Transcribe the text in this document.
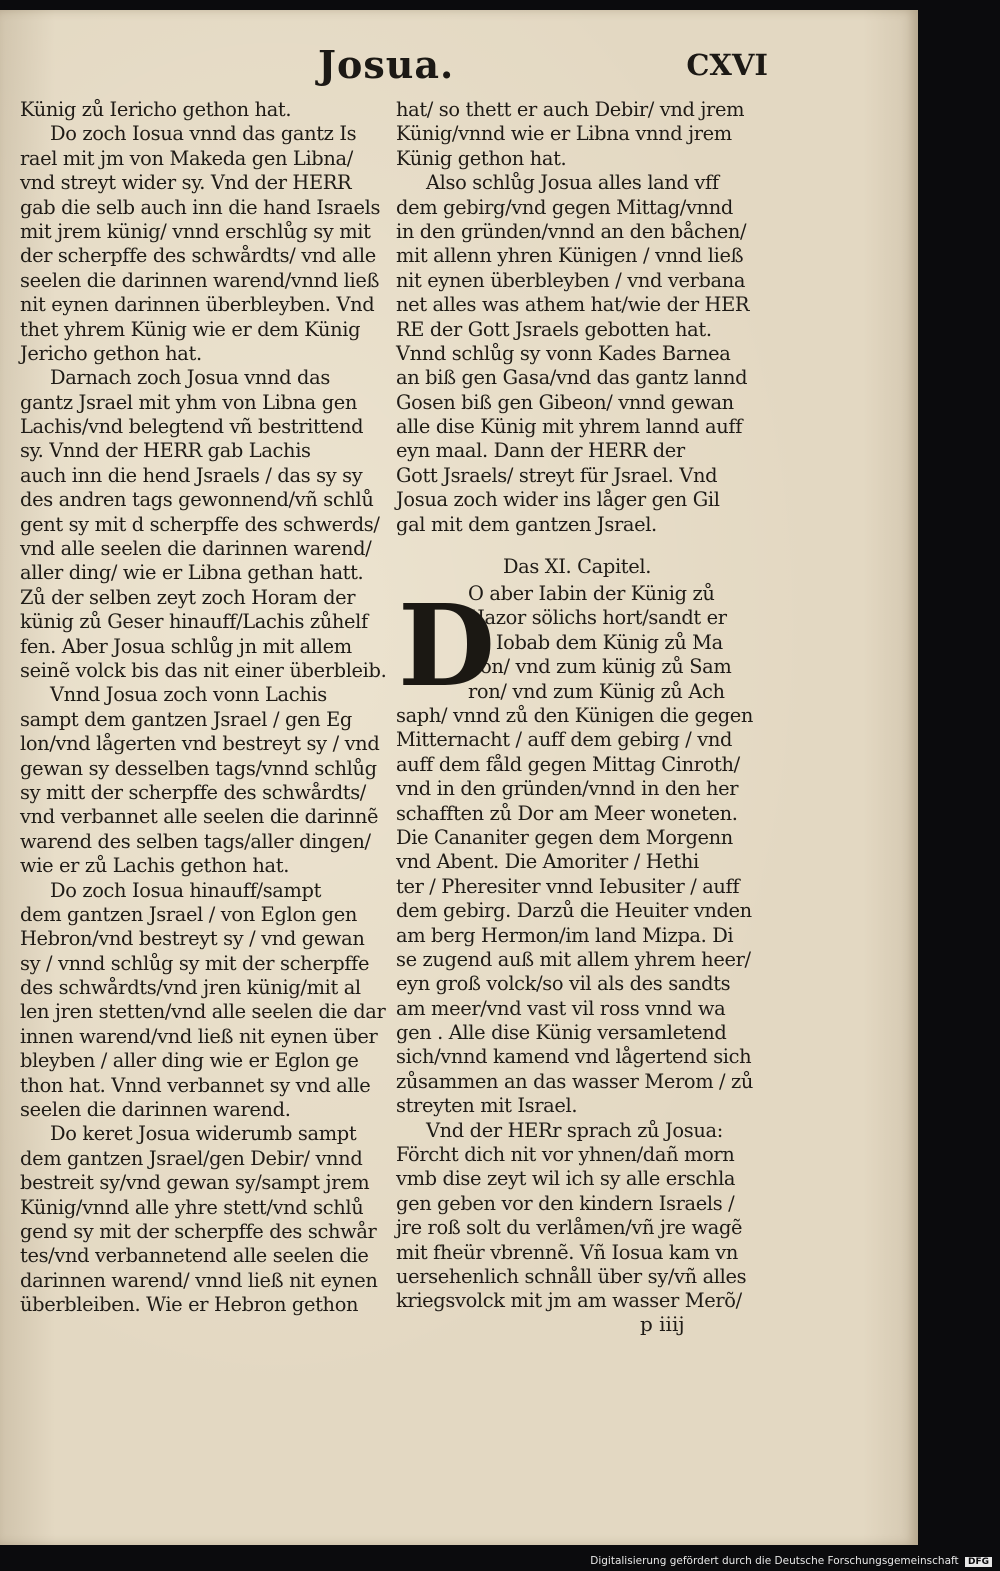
Josua.	CXVI
Künig zů Iericho gethon hat.
Do zoch Iosua vnnd das gantz Is
rael mit jm von Makeda gen Libna/
vnd streyt wider sy. Vnd der HERR
gab die selb auch inn die hand Israels
mit jrem künig/ vnnd erschlůg sy mit
der scherpffe des schwårdts/ vnd alle
seelen die darinnen warend/vnnd ließ
nit eynen darinnen überbleyben. Vnd
thet yhrem Künig wie er dem Künig
Jericho gethon hat.
Darnach zoch Josua vnnd das
gantz Jsrael mit yhm von Libna gen
Lachis/vnd belegtend vñ bestrittend
sy. Vnnd der HERR gab Lachis
auch inn die hend Jsraels / das sy sy
des andren tags gewonnend/vñ schlů
gent sy mit d scherpffe des schwerds/
vnd alle seelen die darinnen warend/
aller ding/ wie er Libna gethan hatt.
Zů der selben zeyt zoch Horam der
künig zů Geser hinauff/Lachis zůhelf
fen. Aber Josua schlůg jn mit allem
seinẽ volck bis das nit einer überbleib.
Vnnd Josua zoch vonn Lachis
sampt dem gantzen Jsrael / gen Eg
lon/vnd lågerten vnd bestreyt sy / vnd
gewan sy desselben tags/vnnd schlůg
sy mitt der scherpffe des schwårdts/
vnd verbannet alle seelen die darinnẽ
warend des selben tags/aller dingen/
wie er zů Lachis gethon hat.
Do zoch Iosua hinauff/sampt
dem gantzen Jsrael / von Eglon gen
Hebron/vnd bestreyt sy / vnd gewan
sy / vnnd schlůg sy mit der scherpffe
des schwårdts/vnd jren künig/mit al
len jren stetten/vnd alle seelen die dar
innen warend/vnd ließ nit eynen über
bleyben / aller ding wie er Eglon ge
thon hat. Vnnd verbannet sy vnd alle
seelen die darinnen warend.
Do keret Josua widerumb sampt
dem gantzen Jsrael/gen Debir/ vnnd
bestreit sy/vnd gewan sy/sampt jrem
Künig/vnnd alle yhre stett/vnd schlů
gend sy mit der scherpffe des schwår
tes/vnd verbannetend alle seelen die
darinnen warend/ vnnd ließ nit eynen
überbleiben. Wie er Hebron gethon
hat/ so thett er auch Debir/ vnd jrem
Künig/vnnd wie er Libna vnnd jrem
Künig gethon hat.
Also schlůg Josua alles land vff
dem gebirg/vnd gegen Mittag/vnnd
in den gründen/vnnd an den båchen/
mit allenn yhren Künigen / vnnd ließ
nit eynen überbleyben / vnd verbana
net alles was athem hat/wie der HER
RE der Gott Jsraels gebotten hat.
Vnnd schlůg sy vonn Kades Barnea
an biß gen Gasa/vnd das gantz lannd
Gosen biß gen Gibeon/ vnnd gewan
alle dise Künig mit yhrem lannd auff
eyn maal. Dann der HERR der
Gott Jsraels/ streyt für Jsrael. Vnd
Josua zoch wider ins låger gen Gil
gal mit dem gantzen Jsrael.
Das XI. Capitel.
D
O aber Iabin der Künig zů
Hazor sölichs hort/sandt er
zů Iobab dem Künig zů Ma
don/ vnd zum künig zů Sam
ron/ vnd zum Künig zů Ach
saph/ vnnd zů den Künigen die gegen
Mitternacht / auff dem gebirg / vnd
auff dem fåld gegen Mittag Cinroth/
vnd in den gründen/vnnd in den her
schafften zů Dor am Meer woneten.
Die Cananiter gegen dem Morgenn
vnd Abent. Die Amoriter / Hethi
ter / Pheresiter vnnd Iebusiter / auff
dem gebirg. Darzů die Heuiter vnden
am berg Hermon/im land Mizpa. Di
se zugend auß mit allem yhrem heer/
eyn groß volck/so vil als des sandts
am meer/vnd vast vil ross vnnd wa
gen . Alle dise Künig versamletend
sich/vnnd kamend vnd lågertend sich
zůsammen an das wasser Merom / zů
streyten mit Israel.
Vnd der HERr sprach zů Josua:
Förcht dich nit vor yhnen/dañ morn
vmb dise zeyt wil ich sy alle erschla
gen geben vor den kindern Israels /
jre roß solt du verlåmen/vñ jre wagẽ
mit fheür vbrennẽ. Vñ Iosua kam vn
uersehenlich schnåll über sy/vñ alles
kriegsvolck mit jm am wasser Merõ/
p iiij
Digitalisierung gefördert durch die Deutsche Forschungsgemeinschaft DFG
